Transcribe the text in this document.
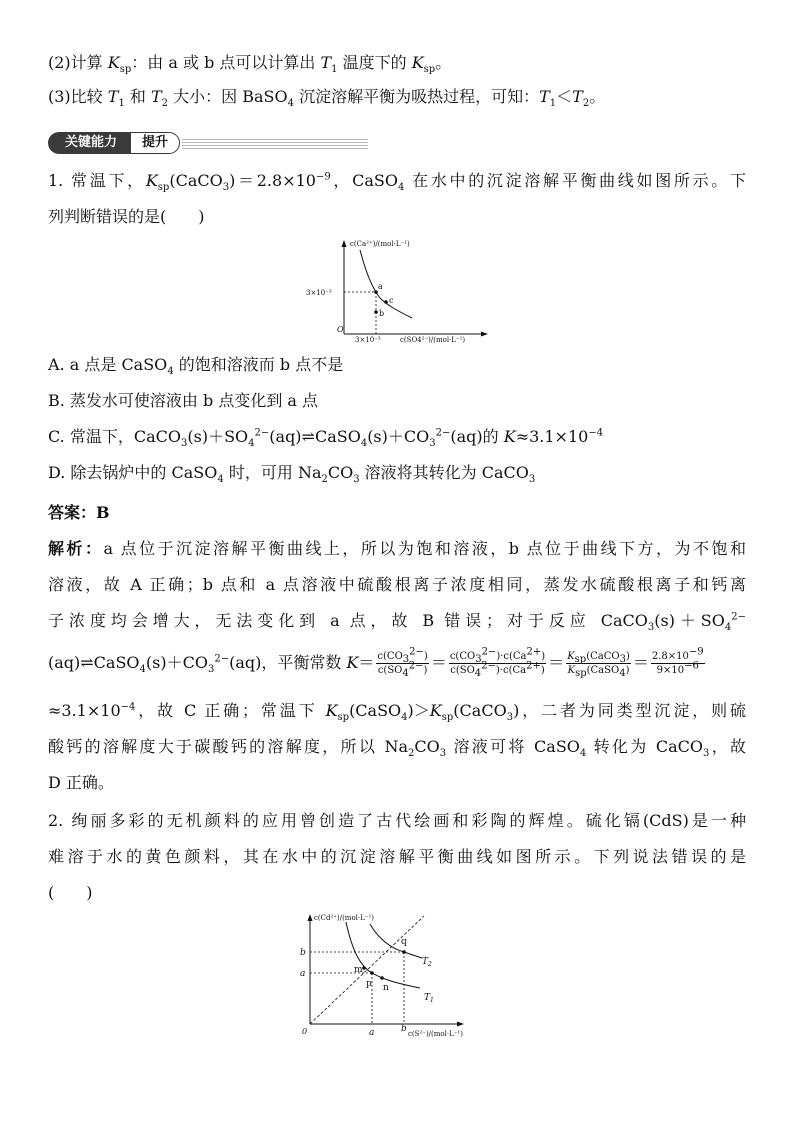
(2)计算 $K_{sp}$：由 a 或 b 点可以计算出 $T_1$ 温度下的 $K_{sp}$。
(3)比较 $T_1$ 和 $T_2$ 大小：因 BaSO$_4$ 沉淀溶解平衡为吸热过程，可知：$T_1<T_2$。
关键能力	提升
1. 常温下，$K_{sp}(CaCO_3)=2.8\times 10^{-9}$，CaSO$_4$ 在水中的沉淀溶解平衡曲线如图所示。下
列判断错误的是(　　)
a
b
c
3×10⁻³
3×10⁻³
O
c(Ca²⁺)/(mol·L⁻¹)
c(SO4²⁻)/(mol·L⁻¹)
A. a 点是 CaSO$_4$ 的饱和溶液而 b 点不是
B. 蒸发水可使溶液由 b 点变化到 a 点
C. 常温下，$CaCO_3(s)+SO_4^{2-}(aq)\rightleftharpoons CaSO_4(s)+CO_3^{2-}(aq)$的 $K\approx 3.1\times 10^{-4}$
D. 除去锅炉中的 CaSO$_4$ 时，可用 $Na_2CO_3$ 溶液将其转化为 CaCO$_3$
答案：B
解析：a 点位于沉淀溶解平衡曲线上，所以为饱和溶液，b 点位于曲线下方，为不饱和
溶液，故 A 正确；b 点和 a 点溶液中硫酸根离子浓度相同，蒸发水硫酸根离子和钙离
子浓度均会增大，无法变化到 a 点，故 B 错误；对于反应 $CaCO_3(s)+SO_4^{2-}$
$(aq)\rightleftharpoons CaSO_4(s)+CO_3^{2-}(aq)$，平衡常数 $K= \frac{c(CO_3^{2-})}{c(SO_4^{2-})} = \frac{c(CO_3^{2-})\cdot c(Ca^{2+})}{c(SO_4^{2-})\cdot c(Ca^{2+})} = \frac{K_{sp}(CaCO_3)}{K_{sp}(CaSO_4)} = \frac{2.8\times 10^{-9}}{9\times 10^{-6}}$
$\approx 3.1\times 10^{-4}$，故 C 正确；常温下 $K_{sp}(CaSO_4)>K_{sp}(CaCO_3)$，二者为同类型沉淀，则硫
酸钙的溶解度大于碳酸钙的溶解度，所以 $Na_2CO_3$ 溶液可将 CaSO$_4$ 转化为 CaCO$_3$，故
D 正确。
2. 绚丽多彩的无机颜料的应用曾创造了古代绘画和彩陶的辉煌。硫化镉(CdS)是一种
难溶于水的黄色颜料，其在水中的沉淀溶解平衡曲线如图所示。下列说法错误的是
(　　)
q
m
p n
$T_2$
$T_1$
b
a
a	b
0
c(Cd²⁺)/(mol·L⁻¹)
c(S²⁻)/(mol·L⁻¹)
